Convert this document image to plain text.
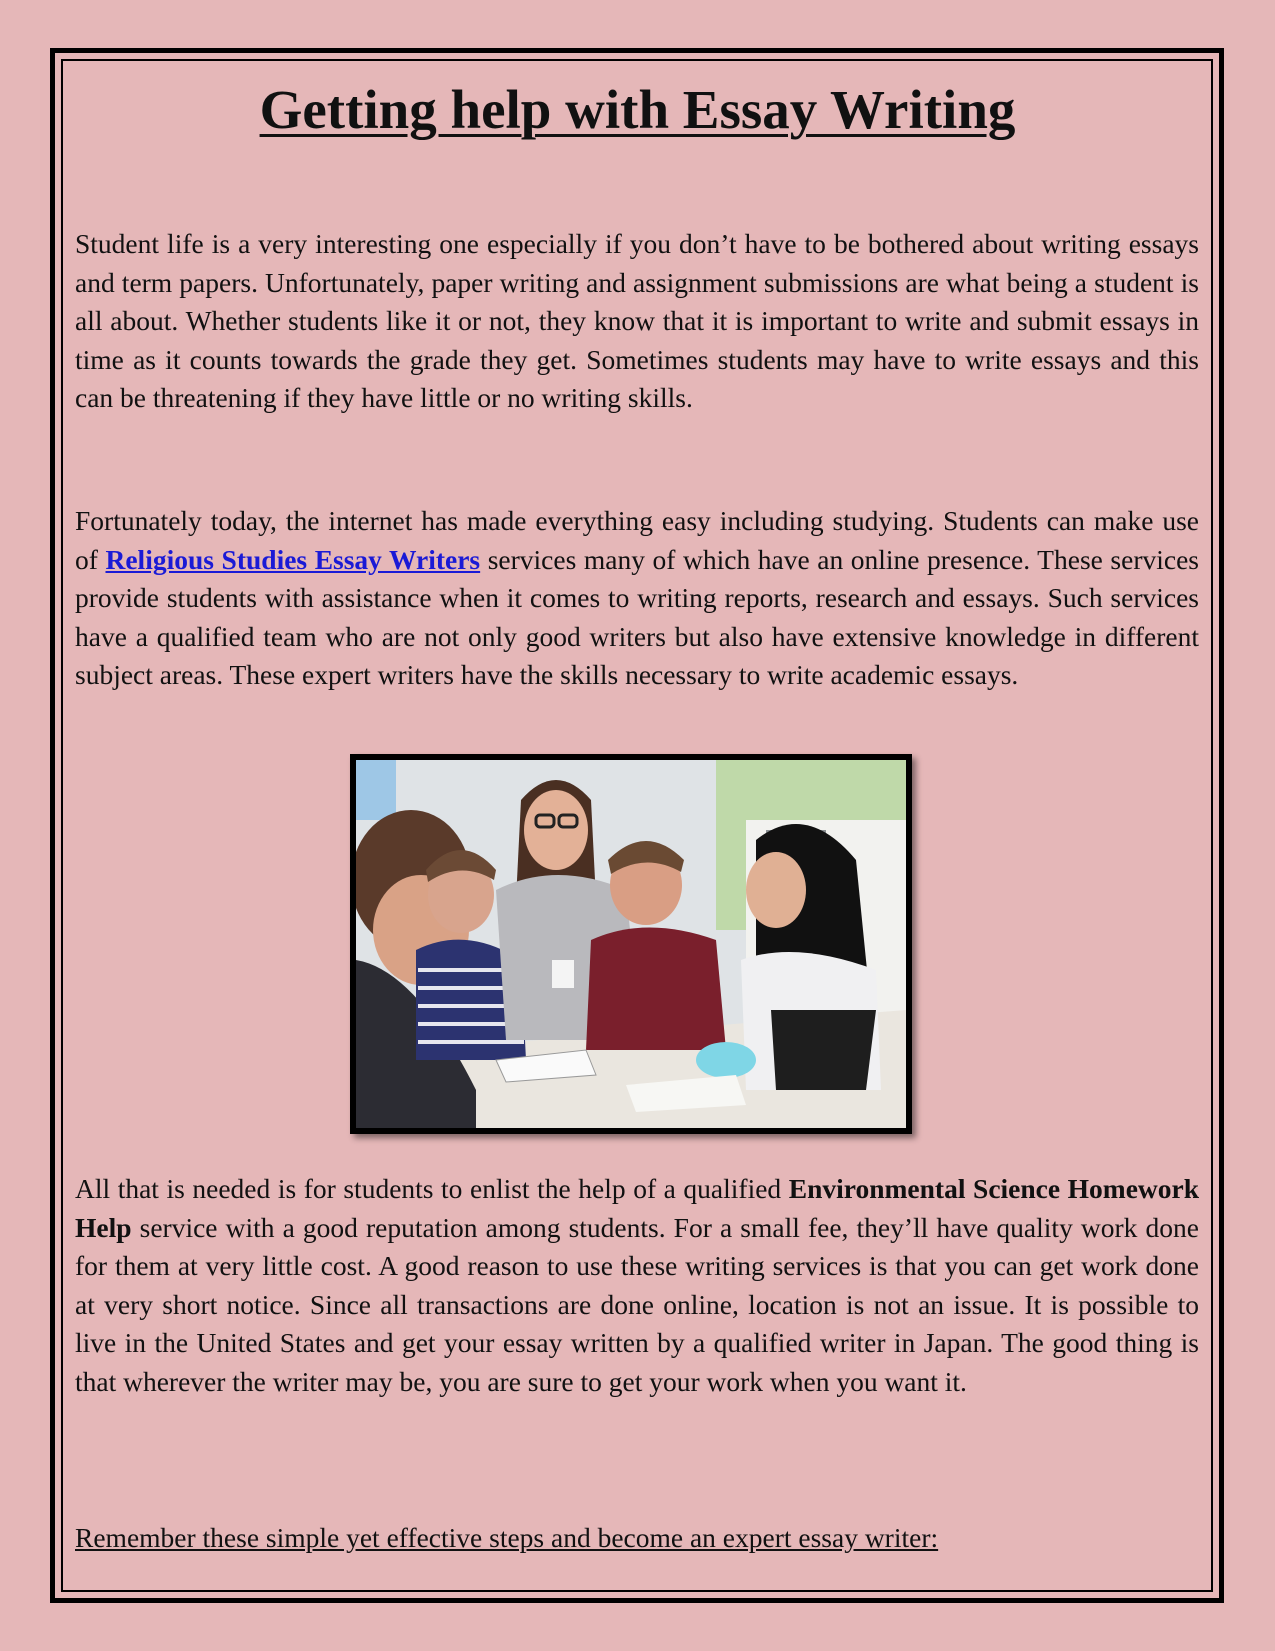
Getting help with Essay Writing

Student life is a very interesting one especially if you don’t have to be bothered about writing essays and term papers. Unfortunately, paper writing and assignment submissions are what being a student is all about. Whether students like it or not, they know that it is important to write and submit essays in time as it counts towards the grade they get. Sometimes students may have to write essays and this can be threatening if they have little or no writing skills.

Fortunately today, the internet has made everything easy including studying. Students can make use of Religious Studies Essay Writers services many of which have an online presence. These services provide students with assistance when it comes to writing reports, research and essays. Such services have a qualified team who are not only good writers but also have extensive knowledge in different subject areas. These expert writers have the skills necessary to write academic essays.

All that is needed is for students to enlist the help of a qualified Environmental Science Homework Help service with a good reputation among students. For a small fee, they’ll have quality work done for them at very little cost. A good reason to use these writing services is that you can get work done at very short notice. Since all transactions are done online, location is not an issue. It is possible to live in the United States and get your essay written by a qualified writer in Japan. The good thing is that wherever the writer may be, you are sure to get your work when you want it.

Remember these simple yet effective steps and become an expert essay writer:
